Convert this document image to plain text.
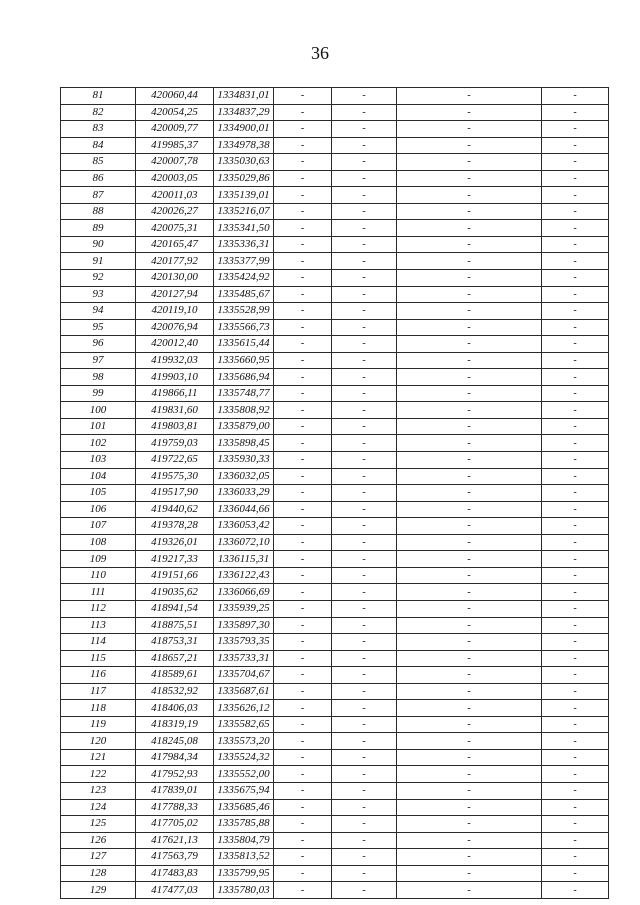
36
81	420060,44	1334831,01	-	-	-	-
82	420054,25	1334837,29	-	-	-	-
83	420009,77	1334900,01	-	-	-	-
84	419985,37	1334978,38	-	-	-	-
85	420007,78	1335030,63	-	-	-	-
86	420003,05	1335029,86	-	-	-	-
87	420011,03	1335139,01	-	-	-	-
88	420026,27	1335216,07	-	-	-	-
89	420075,31	1335341,50	-	-	-	-
90	420165,47	1335336,31	-	-	-	-
91	420177,92	1335377,99	-	-	-	-
92	420130,00	1335424,92	-	-	-	-
93	420127,94	1335485,67	-	-	-	-
94	420119,10	1335528,99	-	-	-	-
95	420076,94	1335566,73	-	-	-	-
96	420012,40	1335615,44	-	-	-	-
97	419932,03	1335660,95	-	-	-	-
98	419903,10	1335686,94	-	-	-	-
99	419866,11	1335748,77	-	-	-	-
100	419831,60	1335808,92	-	-	-	-
101	419803,81	1335879,00	-	-	-	-
102	419759,03	1335898,45	-	-	-	-
103	419722,65	1335930,33	-	-	-	-
104	419575,30	1336032,05	-	-	-	-
105	419517,90	1336033,29	-	-	-	-
106	419440,62	1336044,66	-	-	-	-
107	419378,28	1336053,42	-	-	-	-
108	419326,01	1336072,10	-	-	-	-
109	419217,33	1336115,31	-	-	-	-
110	419151,66	1336122,43	-	-	-	-
111	419035,62	1336066,69	-	-	-	-
112	418941,54	1335939,25	-	-	-	-
113	418875,51	1335897,30	-	-	-	-
114	418753,31	1335793,35	-	-	-	-
115	418657,21	1335733,31	-	-	-	-
116	418589,61	1335704,67	-	-	-	-
117	418532,92	1335687,61	-	-	-	-
118	418406,03	1335626,12	-	-	-	-
119	418319,19	1335582,65	-	-	-	-
120	418245,08	1335573,20	-	-	-	-
121	417984,34	1335524,32	-	-	-	-
122	417952,93	1335552,00	-	-	-	-
123	417839,01	1335675,94	-	-	-	-
124	417788,33	1335685,46	-	-	-	-
125	417705,02	1335785,88	-	-	-	-
126	417621,13	1335804,79	-	-	-	-
127	417563,79	1335813,52	-	-	-	-
128	417483,83	1335799,95	-	-	-	-
129	417477,03	1335780,03	-	-	-	-
